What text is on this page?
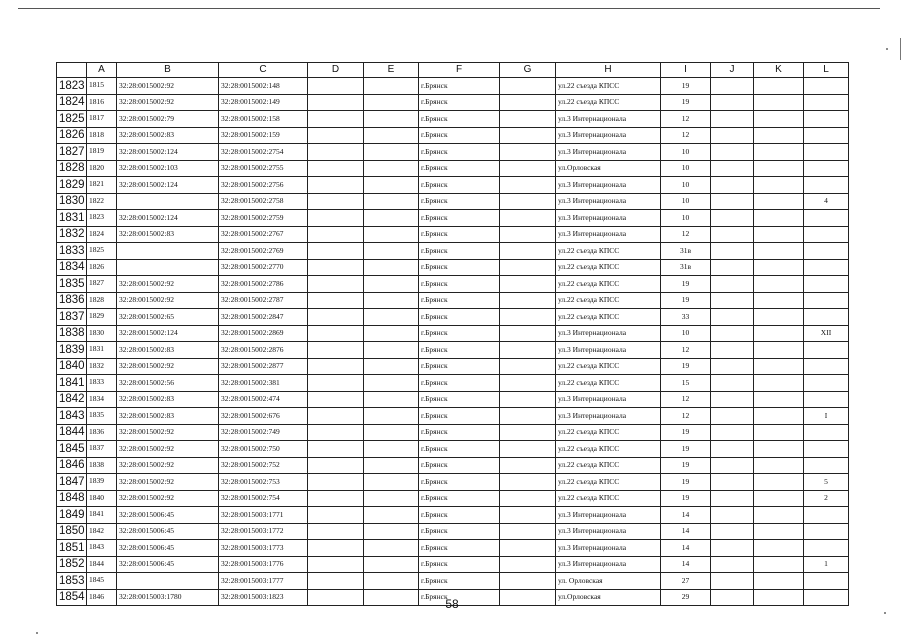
	A	B	C	D	E	F	G	H	I	J	K	L
1823	1815	32:28:0015002:92	32:28:0015002:148			г.Брянск		ул.22 съезда КПСС	19			
1824	1816	32:28:0015002:92	32:28:0015002:149			г.Брянск		ул.22 съезда КПСС	19			
1825	1817	32:28:0015002:79	32:28:0015002:158			г.Брянск		ул.3 Интернационала	12			
1826	1818	32:28:0015002:83	32:28:0015002:159			г.Брянск		ул.3 Интернационала	12			
1827	1819	32:28:0015002:124	32:28:0015002:2754			г.Брянск		ул.3 Интернационала	10			
1828	1820	32:28:0015002:103	32:28:0015002:2755			г.Брянск		ул.Орловская	10			
1829	1821	32:28:0015002:124	32:28:0015002:2756			г.Брянск		ул.3 Интернационала	10			
1830	1822		32:28:0015002:2758			г.Брянск		ул.3 Интернационала	10			4
1831	1823	32:28:0015002:124	32:28:0015002:2759			г.Брянск		ул.3 Интернационала	10			
1832	1824	32:28:0015002:83	32:28:0015002:2767			г.Брянск		ул.3 Интернационала	12			
1833	1825		32:28:0015002:2769			г.Брянск		ул.22 съезда КПСС	31в			
1834	1826		32:28:0015002:2770			г.Брянск		ул.22 съезда КПСС	31в			
1835	1827	32:28:0015002:92	32:28:0015002:2786			г.Брянск		ул.22 съезда КПСС	19			
1836	1828	32:28:0015002:92	32:28:0015002:2787			г.Брянск		ул.22 съезда КПСС	19			
1837	1829	32:28:0015002:65	32:28:0015002:2847			г.Брянск		ул.22 съезда КПСС	33			
1838	1830	32:28:0015002:124	32:28:0015002:2869			г.Брянск		ул.3 Интернационала	10			XII
1839	1831	32:28:0015002:83	32:28:0015002:2876			г.Брянск		ул.3 Интернационала	12			
1840	1832	32:28:0015002:92	32:28:0015002:2877			г.Брянск		ул.22 съезда КПСС	19			
1841	1833	32:28:0015002:56	32:28:0015002:381			г.Брянск		ул.22 съезда КПСС	15			
1842	1834	32:28:0015002:83	32:28:0015002:474			г.Брянск		ул.3 Интернационала	12			
1843	1835	32:28:0015002:83	32:28:0015002:676			г.Брянск		ул.3 Интернационала	12			I
1844	1836	32:28:0015002:92	32:28:0015002:749			г.Брянск		ул.22 съезда КПСС	19			
1845	1837	32:28:0015002:92	32:28:0015002:750			г.Брянск		ул.22 съезда КПСС	19			
1846	1838	32:28:0015002:92	32:28:0015002:752			г.Брянск		ул.22 съезда КПСС	19			
1847	1839	32:28:0015002:92	32:28:0015002:753			г.Брянск		ул.22 съезда КПСС	19			5
1848	1840	32:28:0015002:92	32:28:0015002:754			г.Брянск		ул.22 съезда КПСС	19			2
1849	1841	32:28:0015006:45	32:28:0015003:1771			г.Брянск		ул.3 Интернационала	14			
1850	1842	32:28:0015006:45	32:28:0015003:1772			г.Брянск		ул.3 Интернационала	14			
1851	1843	32:28:0015006:45	32:28:0015003:1773			г.Брянск		ул.3 Интернационала	14			
1852	1844	32:28:0015006:45	32:28:0015003:1776			г.Брянск		ул.3 Интернационала	14			1
1853	1845		32:28:0015003:1777			г.Брянск		ул. Орловская	27			
1854	1846	32:28:0015003:1780	32:28:0015003:1823			г.Брянск		ул.Орловская	29			
58
